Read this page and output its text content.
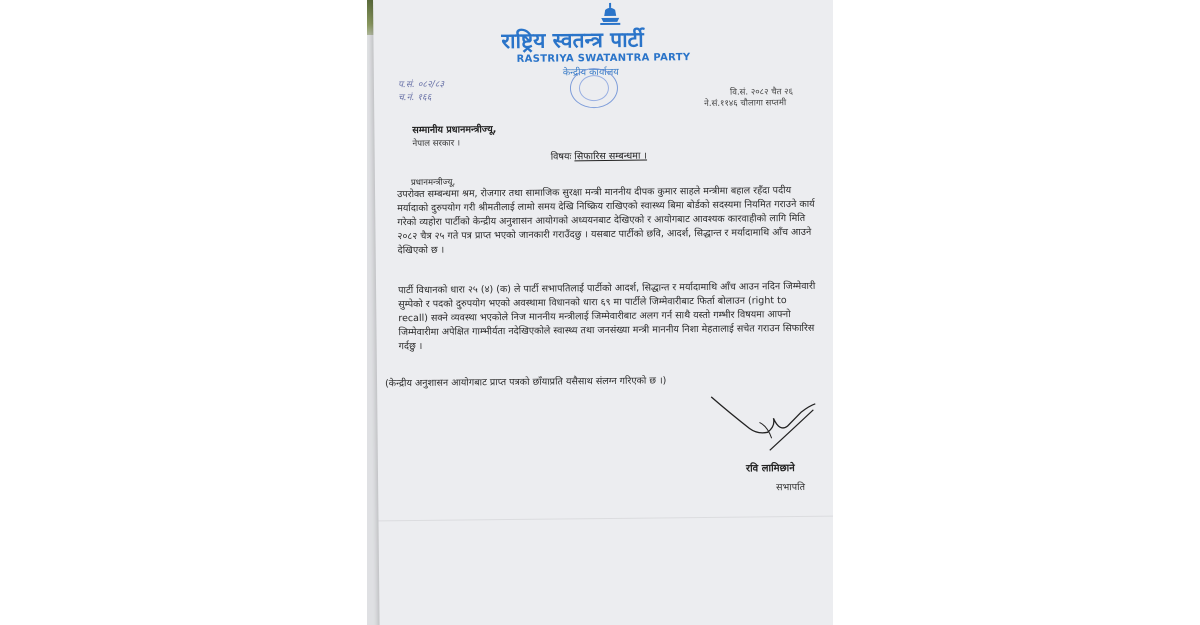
राष्ट्रिय स्वतन्त्र पार्टी
RASTRIYA SWATANTRA PARTY
केन्द्रीय कार्यालय
प.सं. ०८२/८३
च.नं. १६६
वि.सं. २०८२ चैत २६
ने.सं.११४६ चौलागा सप्तमी
सम्मानीय प्रधानमन्त्रीज्यू,
नेपाल सरकार ।
विषयः सिफारिस सम्बन्धमा ।
प्रधानमन्त्रीज्यू,
उपरोक्त सम्बन्धमा श्रम, रोजगार तथा सामाजिक सुरक्षा मन्त्री माननीय दीपक कुमार साहले मन्त्रीमा बहाल रहँदा पदीय मर्यादाको दुरुपयोग गरी श्रीमतीलाई लामो समय देखि निष्क्रिय राखिएको स्वास्थ्य बिमा बोर्डको सदस्यमा नियमित गराउने कार्य गरेको व्यहोरा पार्टीको केन्द्रीय अनुशासन आयोगको अध्ययनबाट देखिएको र आयोगबाट आवश्यक कारवाहीको लागि मिति २०८२ चैत्र २५ गते पत्र प्राप्त भएको जानकारी गराउँदछु । यसबाट पार्टीको छवि, आदर्श, सिद्धान्त र मर्यादामाथि आँच आउने देखिएको छ ।
पार्टी विधानको धारा २५ (४) (क) ले पार्टी सभापतिलाई पार्टीको आदर्श, सिद्धान्त र मर्यादामाथि आँच आउन नदिन जिम्मेवारी सुम्पेको र पदको दुरुपयोग भएको अवस्थामा विधानको धारा ६९ मा पार्टीले जिम्मेवारीबाट फिर्ता बोलाउन (right to recall) सक्ने व्यवस्था भएकोले निज माननीय मन्त्रीलाई जिम्मेवारीबाट अलग गर्न साथै यस्तो गम्भीर विषयमा आफ्नो जिम्मेवारीमा अपेक्षित गाम्भीर्यता नदेखिएकोले स्वास्थ्य तथा जनसंख्या मन्त्री माननीय निशा मेहतालाई सचेत गराउन सिफारिस गर्दछु ।
(केन्द्रीय अनुशासन आयोगबाट प्राप्त पत्रको छाँयाप्रति यसैसाथ संलग्न गरिएको छ ।)
रवि लामिछाने
सभापति
